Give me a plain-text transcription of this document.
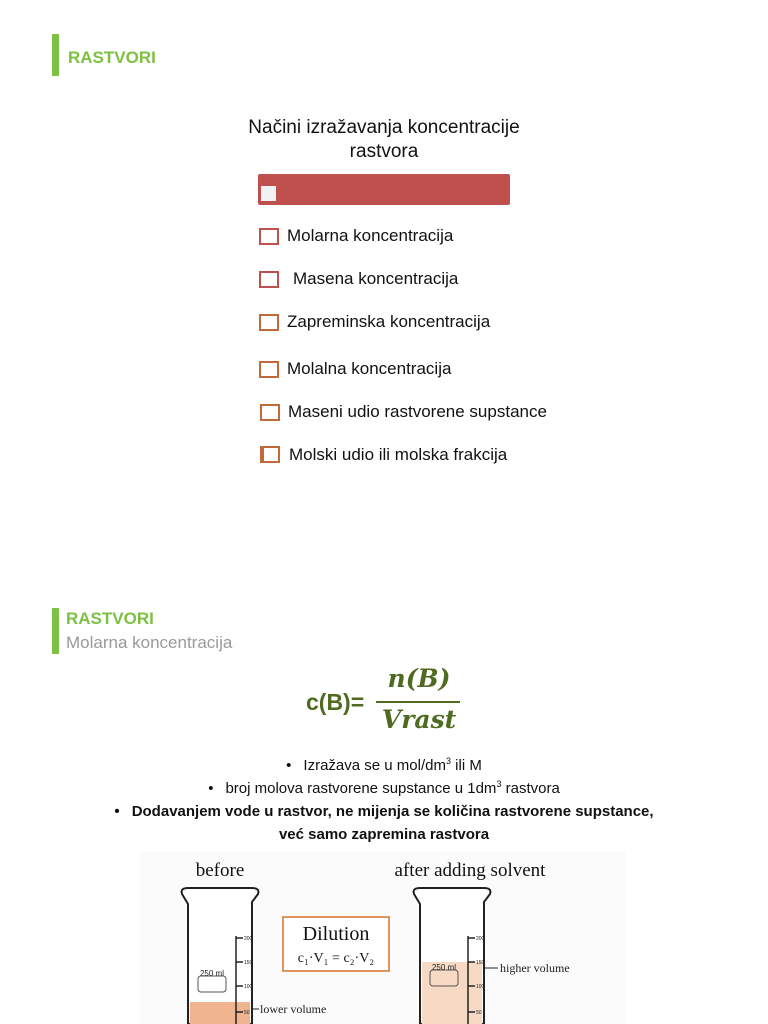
RASTVORI
Načini izražavanja koncentracije
rastvora
Molarna koncentracija
Masena koncentracija
Zapreminska koncentracija
Molalna koncentracija
Maseni udio rastvorene supstance
Molski udio ili molska frakcija
RASTVORI
Molarna koncentracija
c(B)=
n(B)
Vrast
• Izražava se u mol/$dm^3$ ili M
• broj molova rastvorene supstance u $1dm^3$ rastvora
• Dodavanjem vode u rastvor, ne mijenja se količina rastvorene supstance,
već samo zapremina rastvora
before	after adding solvent
250 ml
200
150
100
50 lower volume
Dilution
c₁·V₁ = c₂·V₂
250 ml
200
150
100
50
higher volume
